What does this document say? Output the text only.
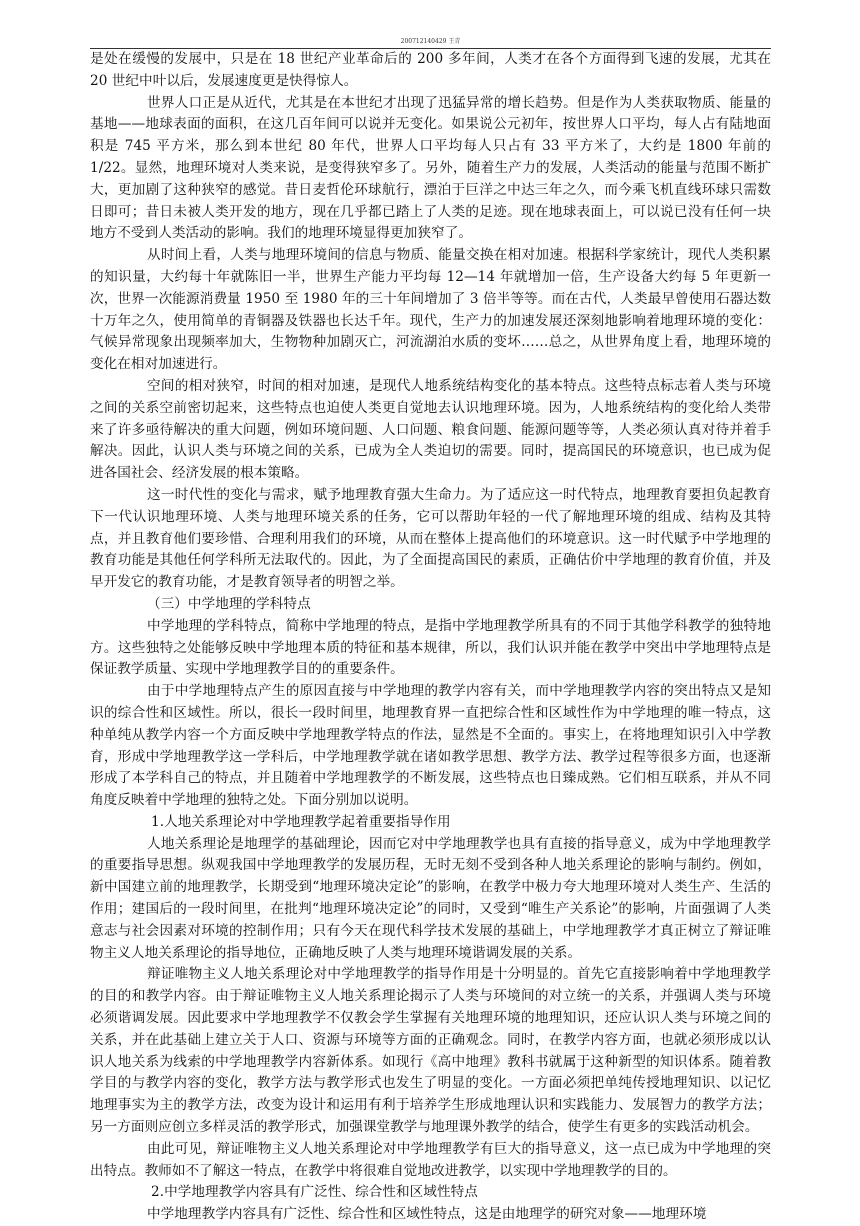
200712140429 王青

是处在缓慢的发展中，只是在 18 世纪产业革命后的 200 多年间，人类才在各个方面得到飞速的发展，尤其在 20 世纪中叶以后，发展速度更是快得惊人。

世界人口正是从近代，尤其是在本世纪才出现了迅猛异常的增长趋势。但是作为人类获取物质、能量的基地——地球表面的面积，在这几百年间可以说并无变化。如果说公元初年，按世界人口平均，每人占有陆地面积是 745 平方米，那么到本世纪 80 年代，世界人口平均每人只占有 33 平方米了，大约是 1800 年前的 1/22。显然，地理环境对人类来说，是变得狭窄多了。另外，随着生产力的发展，人类活动的能量与范围不断扩大，更加剧了这种狭窄的感觉。昔日麦哲伦环球航行，漂泊于巨洋之中达三年之久，而今乘飞机直线环球只需数日即可；昔日未被人类开发的地方，现在几乎都已踏上了人类的足迹。现在地球表面上，可以说已没有任何一块地方不受到人类活动的影响。我们的地理环境显得更加狭窄了。

从时间上看，人类与地理环境间的信息与物质、能量交换在相对加速。根据科学家统计，现代人类积累的知识量，大约每十年就陈旧一半，世界生产能力平均每 12—14 年就增加一倍，生产设备大约每 5 年更新一次，世界一次能源消费量 1950 至 1980 年的三十年间增加了 3 倍半等等。而在古代，人类最早曾使用石器达数十万年之久，使用简单的青铜器及铁器也长达千年。现代，生产力的加速发展还深刻地影响着地理环境的变化：气候异常现象出现频率加大，生物物种加剧灭亡，河流湖泊水质的变坏……总之，从世界角度上看，地理环境的变化在相对加速进行。

空间的相对狭窄，时间的相对加速，是现代人地系统结构变化的基本特点。这些特点标志着人类与环境之间的关系空前密切起来，这些特点也迫使人类更自觉地去认识地理环境。因为，人地系统结构的变化给人类带来了许多亟待解决的重大问题，例如环境问题、人口问题、粮食问题、能源问题等等，人类必须认真对待并着手解决。因此，认识人类与环境之间的关系，已成为全人类迫切的需要。同时，提高国民的环境意识，也已成为促进各国社会、经济发展的根本策略。

这一时代性的变化与需求，赋予地理教育强大生命力。为了适应这一时代特点，地理教育要担负起教育下一代认识地理环境、人类与地理环境关系的任务，它可以帮助年轻的一代了解地理环境的组成、结构及其特点，并且教育他们要珍惜、合理利用我们的环境，从而在整体上提高他们的环境意识。这一时代赋予中学地理的教育功能是其他任何学科所无法取代的。因此，为了全面提高国民的素质，正确估价中学地理的教育价值，并及早开发它的教育功能，才是教育领导者的明智之举。

（三）中学地理的学科特点

中学地理的学科特点，简称中学地理的特点，是指中学地理教学所具有的不同于其他学科教学的独特地方。这些独特之处能够反映中学地理本质的特征和基本规律，所以，我们认识并能在教学中突出中学地理特点是保证教学质量、实现中学地理教学目的的重要条件。

由于中学地理特点产生的原因直接与中学地理的教学内容有关，而中学地理教学内容的突出特点又是知识的综合性和区域性。所以，很长一段时间里，地理教育界一直把综合性和区域性作为中学地理的唯一特点，这种单纯从教学内容一个方面反映中学地理教学特点的作法，显然是不全面的。事实上，在将地理知识引入中学教育，形成中学地理教学这一学科后，中学地理教学就在诸如教学思想、教学方法、教学过程等很多方面，也逐渐形成了本学科自己的特点，并且随着中学地理教学的不断发展，这些特点也日臻成熟。它们相互联系，并从不同角度反映着中学地理的独特之处。下面分别加以说明。

1.人地关系理论对中学地理教学起着重要指导作用

人地关系理论是地理学的基础理论，因而它对中学地理教学也具有直接的指导意义，成为中学地理教学的重要指导思想。纵观我国中学地理教学的发展历程，无时无刻不受到各种人地关系理论的影响与制约。例如，新中国建立前的地理教学，长期受到“地理环境决定论”的影响，在教学中极力夸大地理环境对人类生产、生活的作用；建国后的一段时间里，在批判“地理环境决定论”的同时，又受到“唯生产关系论”的影响，片面强调了人类意志与社会因素对环境的控制作用；只有今天在现代科学技术发展的基础上，中学地理教学才真正树立了辩证唯物主义人地关系理论的指导地位，正确地反映了人类与地理环境谐调发展的关系。

辩证唯物主义人地关系理论对中学地理教学的指导作用是十分明显的。首先它直接影响着中学地理教学的目的和教学内容。由于辩证唯物主义人地关系理论揭示了人类与环境间的对立统一的关系，并强调人类与环境必须谐调发展。因此要求中学地理教学不仅教会学生掌握有关地理环境的地理知识，还应认识人类与环境之间的关系，并在此基础上建立关于人口、资源与环境等方面的正确观念。同时，在教学内容方面，也就必须形成以认识人地关系为线索的中学地理教学内容新体系。如现行《高中地理》教科书就属于这种新型的知识体系。随着教学目的与教学内容的变化，教学方法与教学形式也发生了明显的变化。一方面必须把单纯传授地理知识、以记忆地理事实为主的教学方法，改变为设计和运用有利于培养学生形成地理认识和实践能力、发展智力的教学方法；另一方面则应创立多样灵活的教学形式，加强课堂教学与地理课外教学的结合，使学生有更多的实践活动机会。

由此可见，辩证唯物主义人地关系理论对中学地理教学有巨大的指导意义，这一点已成为中学地理的突出特点。教师如不了解这一特点，在教学中将很难自觉地改进教学，以实现中学地理教学的目的。

2.中学地理教学内容具有广泛性、综合性和区域性特点

中学地理教学内容具有广泛性、综合性和区域性特点，这是由地理学的研究对象——地理环境
